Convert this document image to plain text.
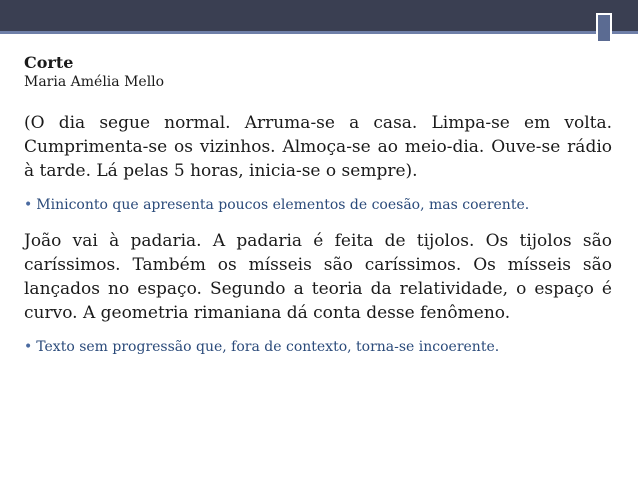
Corte

Maria Amélia Mello

(O dia segue normal. Arruma-se a casa. Limpa-se em volta. Cumprimenta-se os vizinhos. Almoça-se ao meio-dia. Ouve-se rádio à tarde. Lá pelas 5 horas, inicia-se o sempre).

• Miniconto que apresenta poucos elementos de coesão, mas coerente.

João vai à padaria. A padaria é feita de tijolos. Os tijolos são caríssimos. Também os mísseis são caríssimos. Os mísseis são lançados no espaço. Segundo a teoria da relatividade, o espaço é curvo. A geometria rimaniana dá conta desse fenômeno.

• Texto sem progressão que, fora de contexto, torna-se incoerente.
